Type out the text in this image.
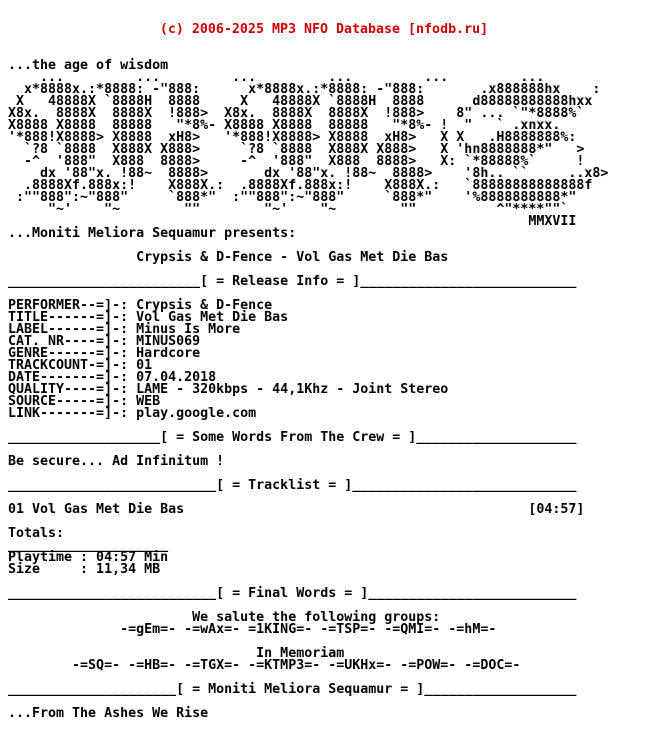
(c) 2006-2025 MP3 NFO Database [nfodb.ru]

...the age of wisdom
...         ...         ...         ...         ...         ...
x*8888x.:*8888: -"888:      x*8888x.:*8888: -"888:       .x888888hx    :
X   48888X `8888H  8888     X   48888X `8888H  8888      d88888888888hxx
X8x.  8888X  8888X  !888>  X8x.  8888X  8888X  !888>    8" ... `"*8888%`
X8888 X8888  88888   "*8%- X8888 X8888  88888   "*8%- !  "   ` .xnxx.
'*888!X8888> X8888  xH8>   '*888!X8888> X8888  xH8>   X X   .H8888888%:
`?8 `8888  X888X X888>     `?8 `8888  X888X X888>   X 'hn8888888*"   >
-^  '888"  X888  8888>     -^  '888"  X888  8888>   X: `*88888%`     !
dx '88"x. !88~  8888>       dx '88"x. !88~  8888>    '8h.. ``     ..x8>
.8888Xf.888x:!    X888X.:  .8888Xf.888x:!    X888X.:   `88888888888888f
:""888":~"888"     `888*"  :""888":~"888"     `888*"    '%8888888888*"
"~'    "~        ""        "~'    "~        ""          ^"****""`
MMXVII
...Moniti Meliora Sequamur presents:
Crypsis & D-Fence - Vol Gas Met Die Bas
________________________[ = Release Info = ]___________________________
PERFORMER--=]-: Crypsis & D-Fence
TITLE------=]-: Vol Gas Met Die Bas
LABEL------=]-: Minus Is More
CAT. NR----=]-: MINUS069
GENRE------=]-: Hardcore
TRACKCOUNT-=]-: 01
DATE-------=]-: 07.04.2018
QUALITY----=]-: LAME - 320kbps - 44,1Khz - Joint Stereo
SOURCE-----=]-: WEB
LINK-------=]-: play.google.com
___________________[ = Some Words From The Crew = ]____________________
Be secure... Ad Infinitum !
__________________________[ = Tracklist = ]____________________________
01 Vol Gas Met Die Bas                                           [04:57]
Totals:
____________________
Playtime : 04:57 Min
Size     : 11,34 MB
__________________________[ = Final Words = ]__________________________
We salute the following groups:
-=gEm=- -=wAx=- =1KING=- -=TSP=- -=QMI=- -=hM=-
In Memoriam
-=SQ=- -=HB=- -=TGX=- -=KTMP3=- -=UKHx=- -=POW=- -=DOC=-
_____________________[ = Moniti Meliora Sequamur = ]___________________
...From The Ashes We Rise
